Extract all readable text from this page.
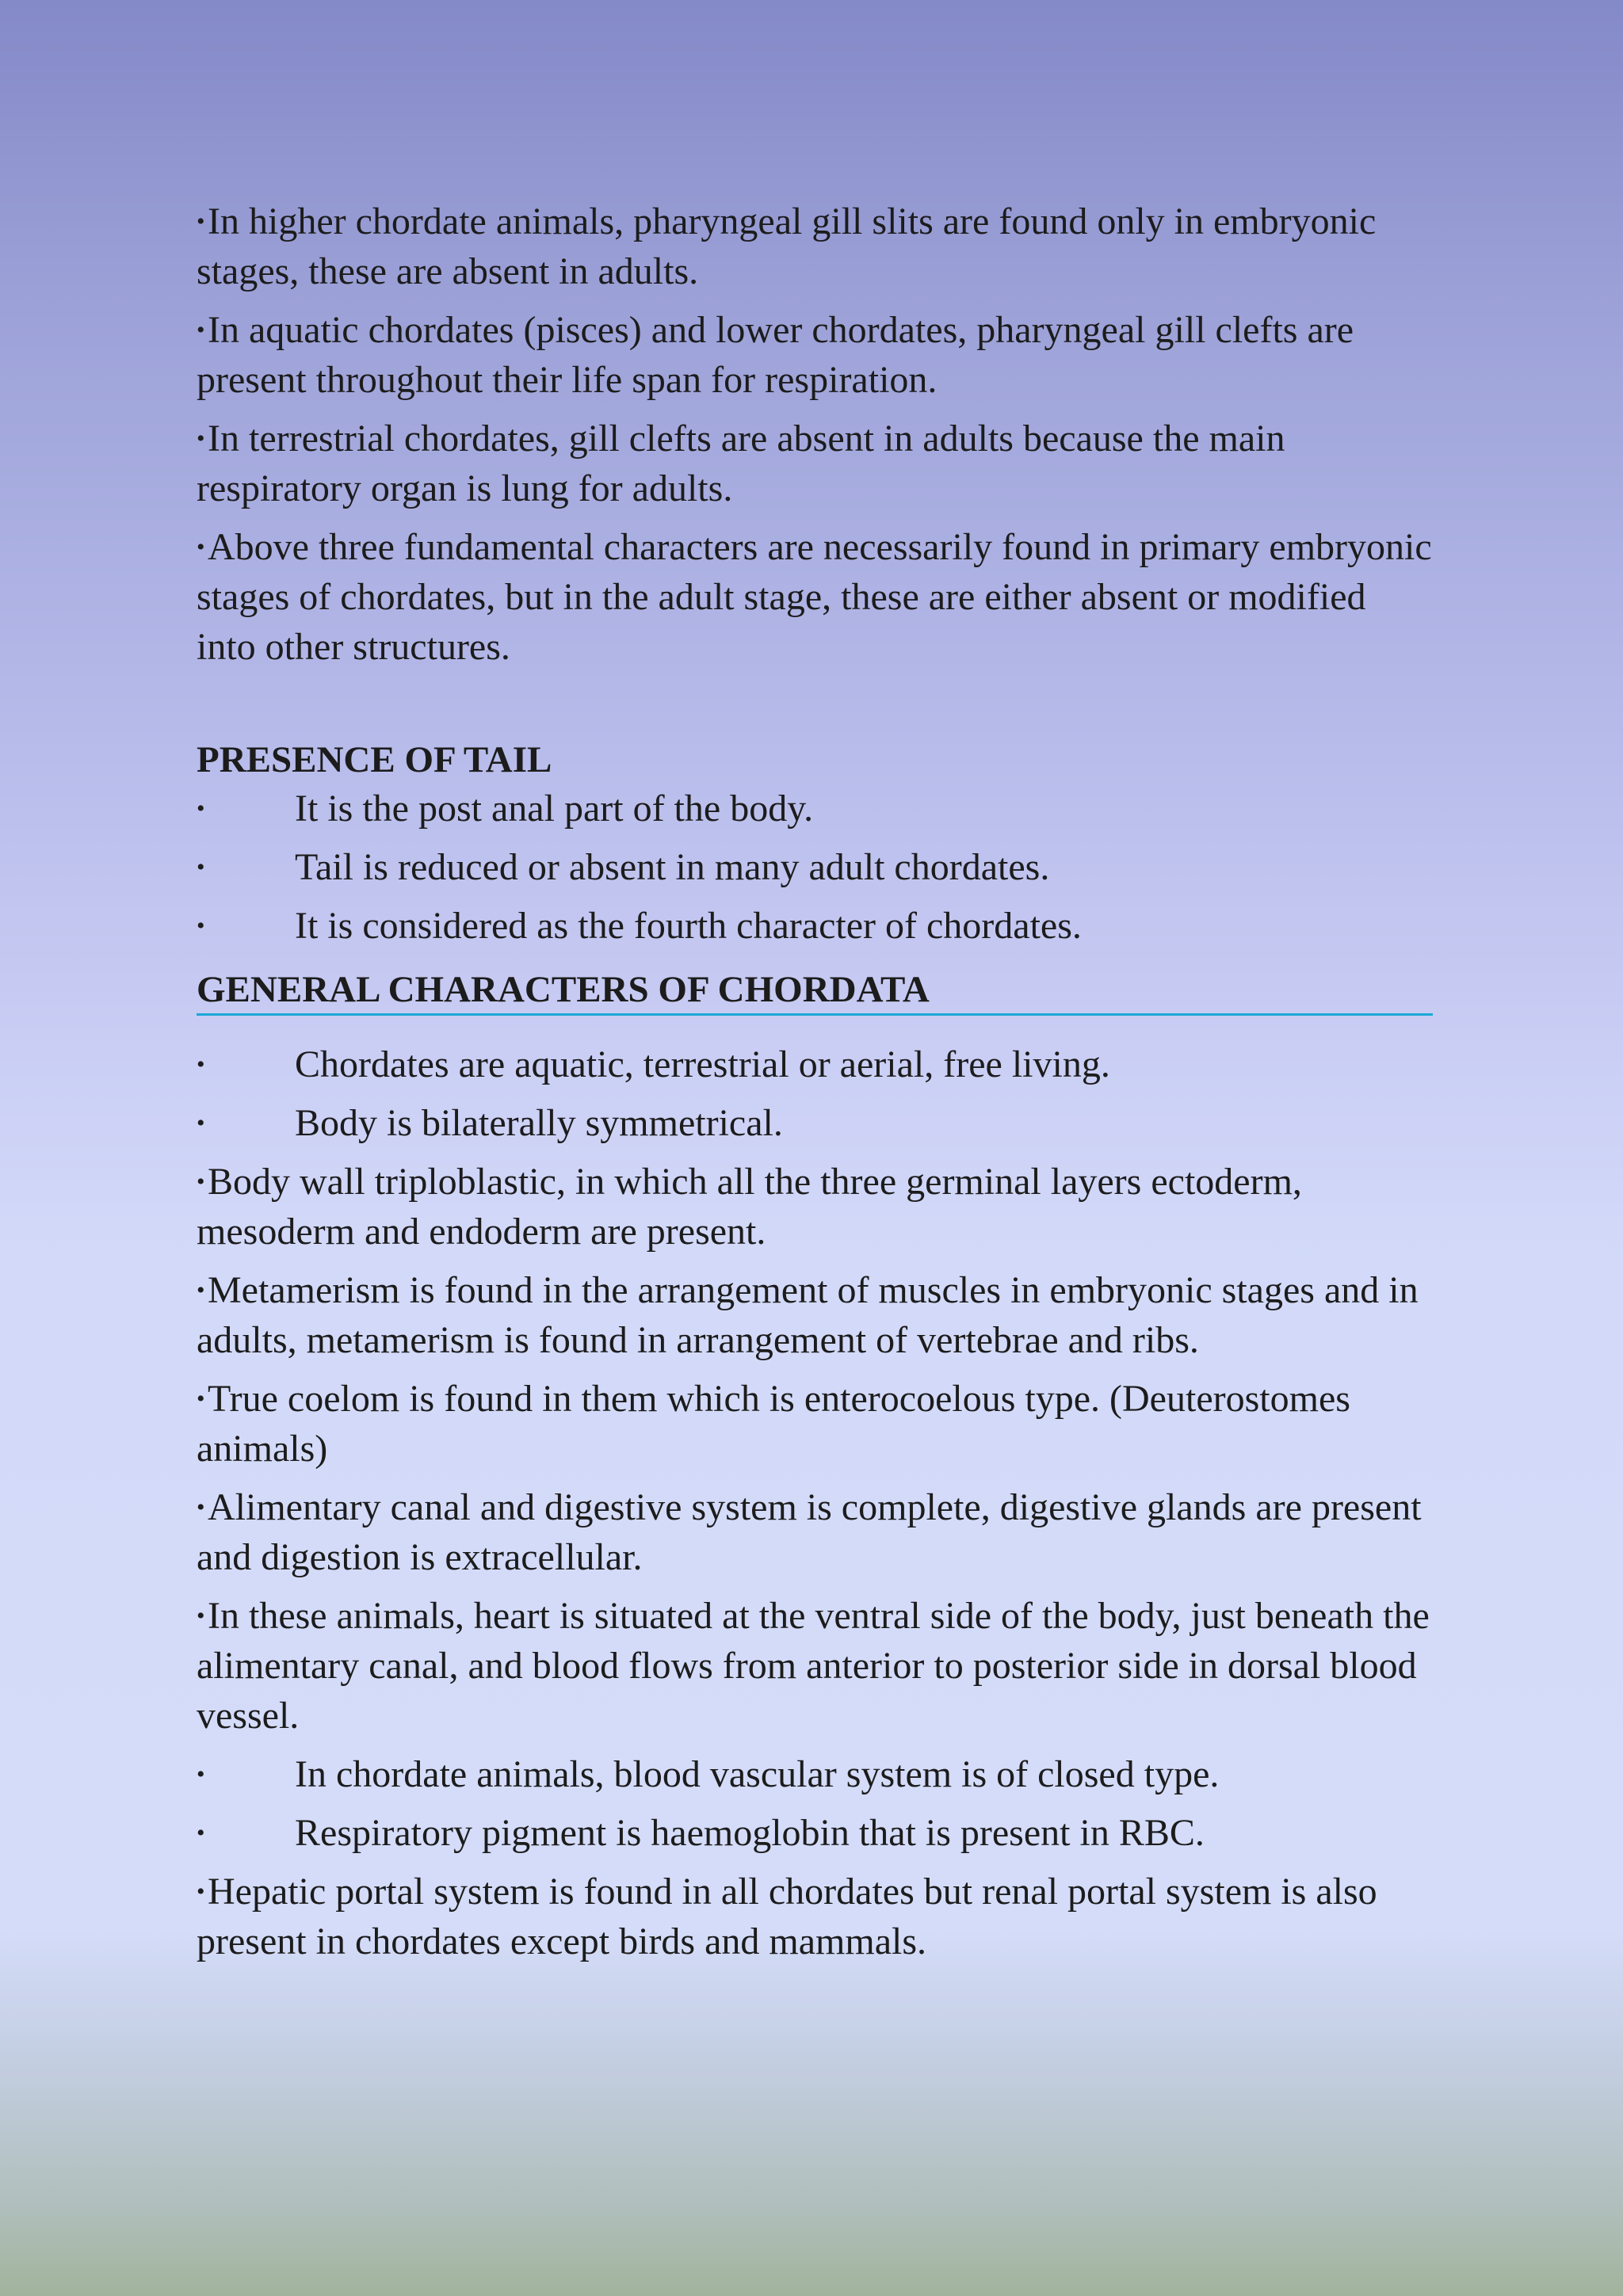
• In higher chordate animals, pharyngeal gill slits are found only in embryonic stages, these are absent in adults.
• In aquatic chordates (pisces) and lower chordates, pharyngeal gill clefts are present throughout their life span for respiration.
• In terrestrial chordates, gill clefts are absent in adults because the main respiratory organ is lung for adults.
• Above three fundamental characters are necessarily found in primary embryonic stages of chordates, but in the adult stage, these are either absent or modified into other structures.
PRESENCE OF TAIL
• It is the post anal part of the body.
• Tail is reduced or absent in many adult chordates.
• It is considered as the fourth character of chordates.
GENERAL CHARACTERS OF CHORDATA
• Chordates are aquatic, terrestrial or aerial, free living.
• Body is bilaterally symmetrical.
• Body wall triploblastic, in which all the three germinal layers ectoderm, mesoderm and endoderm are present.
• Metamerism is found in the arrangement of muscles in embryonic stages and in adults, metamerism is found in arrangement of vertebrae and ribs.
• True coelom is found in them which is enterocoelous type. (Deuterostomes animals)
• Alimentary canal and digestive system is complete, digestive glands are present and digestion is extracellular.
• In these animals, heart is situated at the ventral side of the body, just beneath the alimentary canal, and blood flows from anterior to posterior side in dorsal blood vessel.
• In chordate animals, blood vascular system is of closed type.
• Respiratory pigment is haemoglobin that is present in RBC.
• Hepatic portal system is found in all chordates but renal portal system is also present in chordates except birds and mammals.
